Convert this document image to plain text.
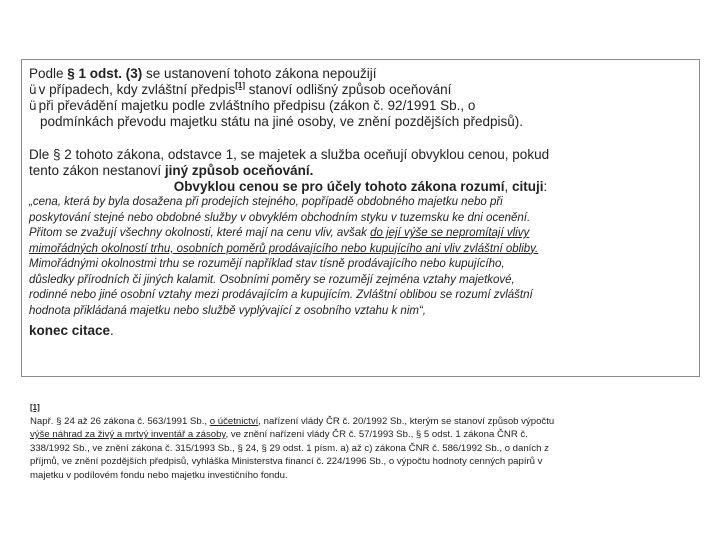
Podle § 1 odst. (3) se ustanovení tohoto zákona nepoužijí
ü v případech, kdy zvláštní předpis[1] stanoví odlišný způsob oceňování
ü při převádění majetku podle zvláštního předpisu (zákon č. 92/1991 Sb., o
podmínkách převodu majetku státu na jiné osoby, ve znění pozdějších předpisů).
Dle § 2 tohoto zákona, odstavce 1, se majetek a služba oceňují obvyklou cenou, pokud
tento zákon nestanoví jiný způsob oceňování.
Obvyklou cenou se pro účely tohoto zákona rozumí, cituji:
„cena, která by byla dosažena při prodejích stejného, popřípadě obdobného majetku nebo při
poskytování stejné nebo obdobné služby v obvyklém obchodním styku v tuzemsku ke dni ocenění.
Přitom se zvažují všechny okolnosti, které mají na cenu vliv, avšak do její výše se nepromítají vlivy
mimořádných okolností trhu, osobních poměrů prodávajícího nebo kupujícího ani vliv zvláštní obliby.
Mimořádnými okolnostmi trhu se rozumějí například stav tísně prodávajícího nebo kupujícího,
důsledky přírodních či jiných kalamit. Osobními poměry se rozumějí zejména vztahy majetkové,
rodinné nebo jiné osobní vztahy mezi prodávajícím a kupujícím. Zvláštní oblibou se rozumí zvláštní
hodnota přikládaná majetku nebo službě vyplývající z osobního vztahu k nim“,
konec citace.
[1]
Např. § 24 až 26 zákona č. 563/1991 Sb., o účetnictví, nařízení vlády ČR č. 20/1992 Sb., kterým se stanoví způsob výpočtu
výše náhrad za živý a mrtvý inventář a zásoby, ve znění nařízení vlády ČR č. 57/1993 Sb., § 5 odst. 1 zákona ČNR č.
338/1992 Sb., ve znění zákona č. 315/1993 Sb., § 24, § 29 odst. 1 písm. a) až c) zákona ČNR č. 586/1992 Sb., o daních z
příjmů, ve znění pozdějších předpisů, vyhláška Ministerstva financí č. 224/1996 Sb., o výpočtu hodnoty cenných papírů v
majetku v podílovém fondu nebo majetku investičního fondu.
